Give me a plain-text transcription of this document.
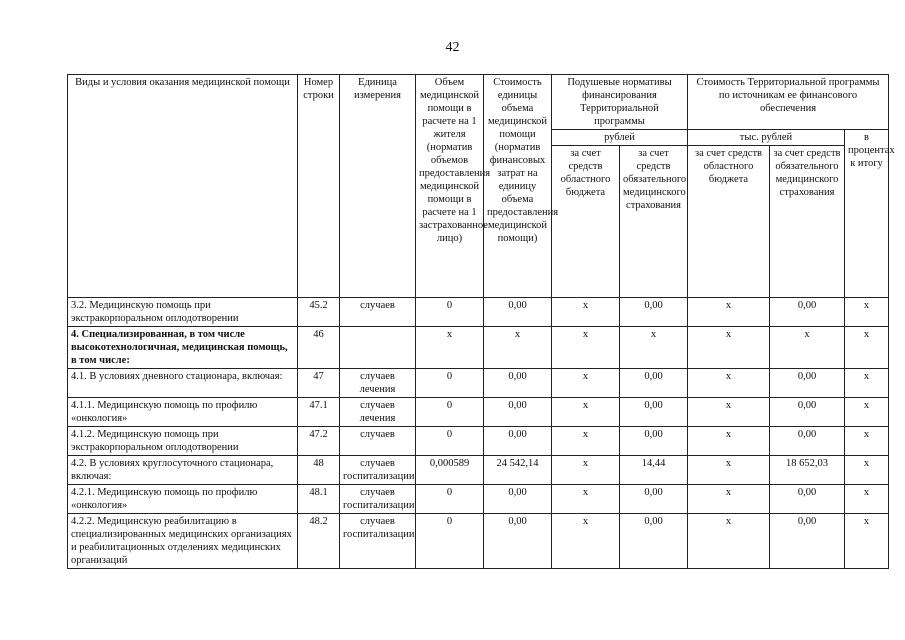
42
Виды и условия оказания медицинской помощи	Номер строки	Единица измерения	Объем медицинской помощи в расчете на 1 жителя (норматив объемов предоставления медицинской помощи в расчете на 1 застрахованное лицо)	Стоимость единицы объема медицинской помощи (норматив финансовых затрат на единицу объема предоставления медицинской помощи)	Подушевые нормативы финансирования Территориальной программы		Стоимость Территориальной программы по источникам ее финансового обеспечения		
					рублей		тыс. рублей		в процентах к итогу
					за счет средств областного бюджета	за счет средств обязательного медицинского страхования	за счет средств областного бюджета	за счет средств обязательного медицинского страхования	
3.2. Медицинскую помощь при экстракорпоральном оплодотворении	45.2	случаев	0	0,00	x	0,00	x	0,00	x
4. Специализированная, в том числе высокотехнологичная, медицинская помощь, в том числе:	46		x	x	x	x	x	x	x
4.1. В условиях дневного стационара, включая:	47	случаев лечения	0	0,00	x	0,00	x	0,00	x
4.1.1. Медицинскую помощь по профилю «онкология»	47.1	случаев лечения	0	0,00	x	0,00	x	0,00	x
4.1.2. Медицинскую помощь при экстракорпоральном оплодотворении	47.2	случаев	0	0,00	x	0,00	x	0,00	x
4.2. В условиях круглосуточного стационара, включая:	48	случаев госпитализации	0,000589	24 542,14	x	14,44	x	18 652,03	x
4.2.1. Медицинскую помощь по профилю «онкология»	48.1	случаев госпитализации	0	0,00	x	0,00	x	0,00	x
4.2.2. Медицинскую реабилитацию в специализированных медицинских организациях и реабилитационных отделениях медицинских организаций	48.2	случаев госпитализации	0	0,00	x	0,00	x	0,00	x
